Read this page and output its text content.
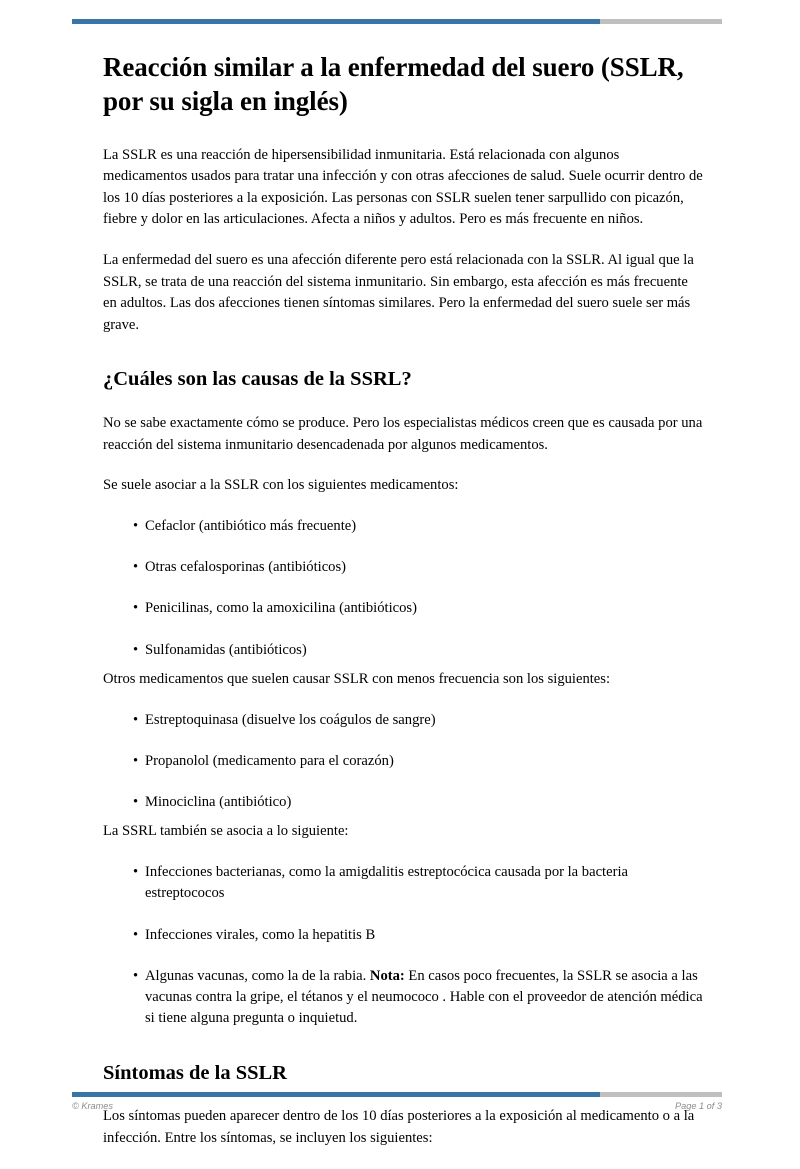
Reacción similar a la enfermedad del suero (SSLR, por su sigla en inglés)

La SSLR es una reacción de hipersensibilidad inmunitaria. Está relacionada con algunos medicamentos usados para tratar una infección y con otras afecciones de salud. Suele ocurrir dentro de los 10 días posteriores a la exposición. Las personas con SSLR suelen tener sarpullido con picazón, fiebre y dolor en las articulaciones. Afecta a niños y adultos. Pero es más frecuente en niños.

La enfermedad del suero es una afección diferente pero está relacionada con la SSLR. Al igual que la SSLR, se trata de una reacción del sistema inmunitario. Sin embargo, esta afección es más frecuente en adultos. Las dos afecciones tienen síntomas similares. Pero la enfermedad del suero suele ser más grave.

¿Cuáles son las causas de la SSRL?

No se sabe exactamente cómo se produce. Pero los especialistas médicos creen que es causada por una reacción del sistema inmunitario desencadenada por algunos medicamentos.

Se suele asociar a la SSLR con los siguientes medicamentos:

• Cefaclor (antibiótico más frecuente)
• Otras cefalosporinas (antibióticos)
• Penicilinas, como la amoxicilina (antibióticos)
• Sulfonamidas (antibióticos)

Otros medicamentos que suelen causar SSLR con menos frecuencia son los siguientes:

• Estreptoquinasa (disuelve los coágulos de sangre)
• Propanolol (medicamento para el corazón)
• Minociclina (antibiótico)

La SSRL también se asocia a lo siguiente:

• Infecciones bacterianas, como la amigdalitis estreptocócica causada por la bacteria estreptococos
• Infecciones virales, como la hepatitis B
• Algunas vacunas, como la de la rabia. Nota: En casos poco frecuentes, la SSLR se asocia a las vacunas contra la gripe, el tétanos y el neumococo . Hable con el proveedor de atención médica si tiene alguna pregunta o inquietud.
Síntomas de la SSLR

Los síntomas pueden aparecer dentro de los 10 días posteriores a la exposición al medicamento o a la infección. Entre los síntomas, se incluyen los siguientes:

© Krames	Page 1 of 3
